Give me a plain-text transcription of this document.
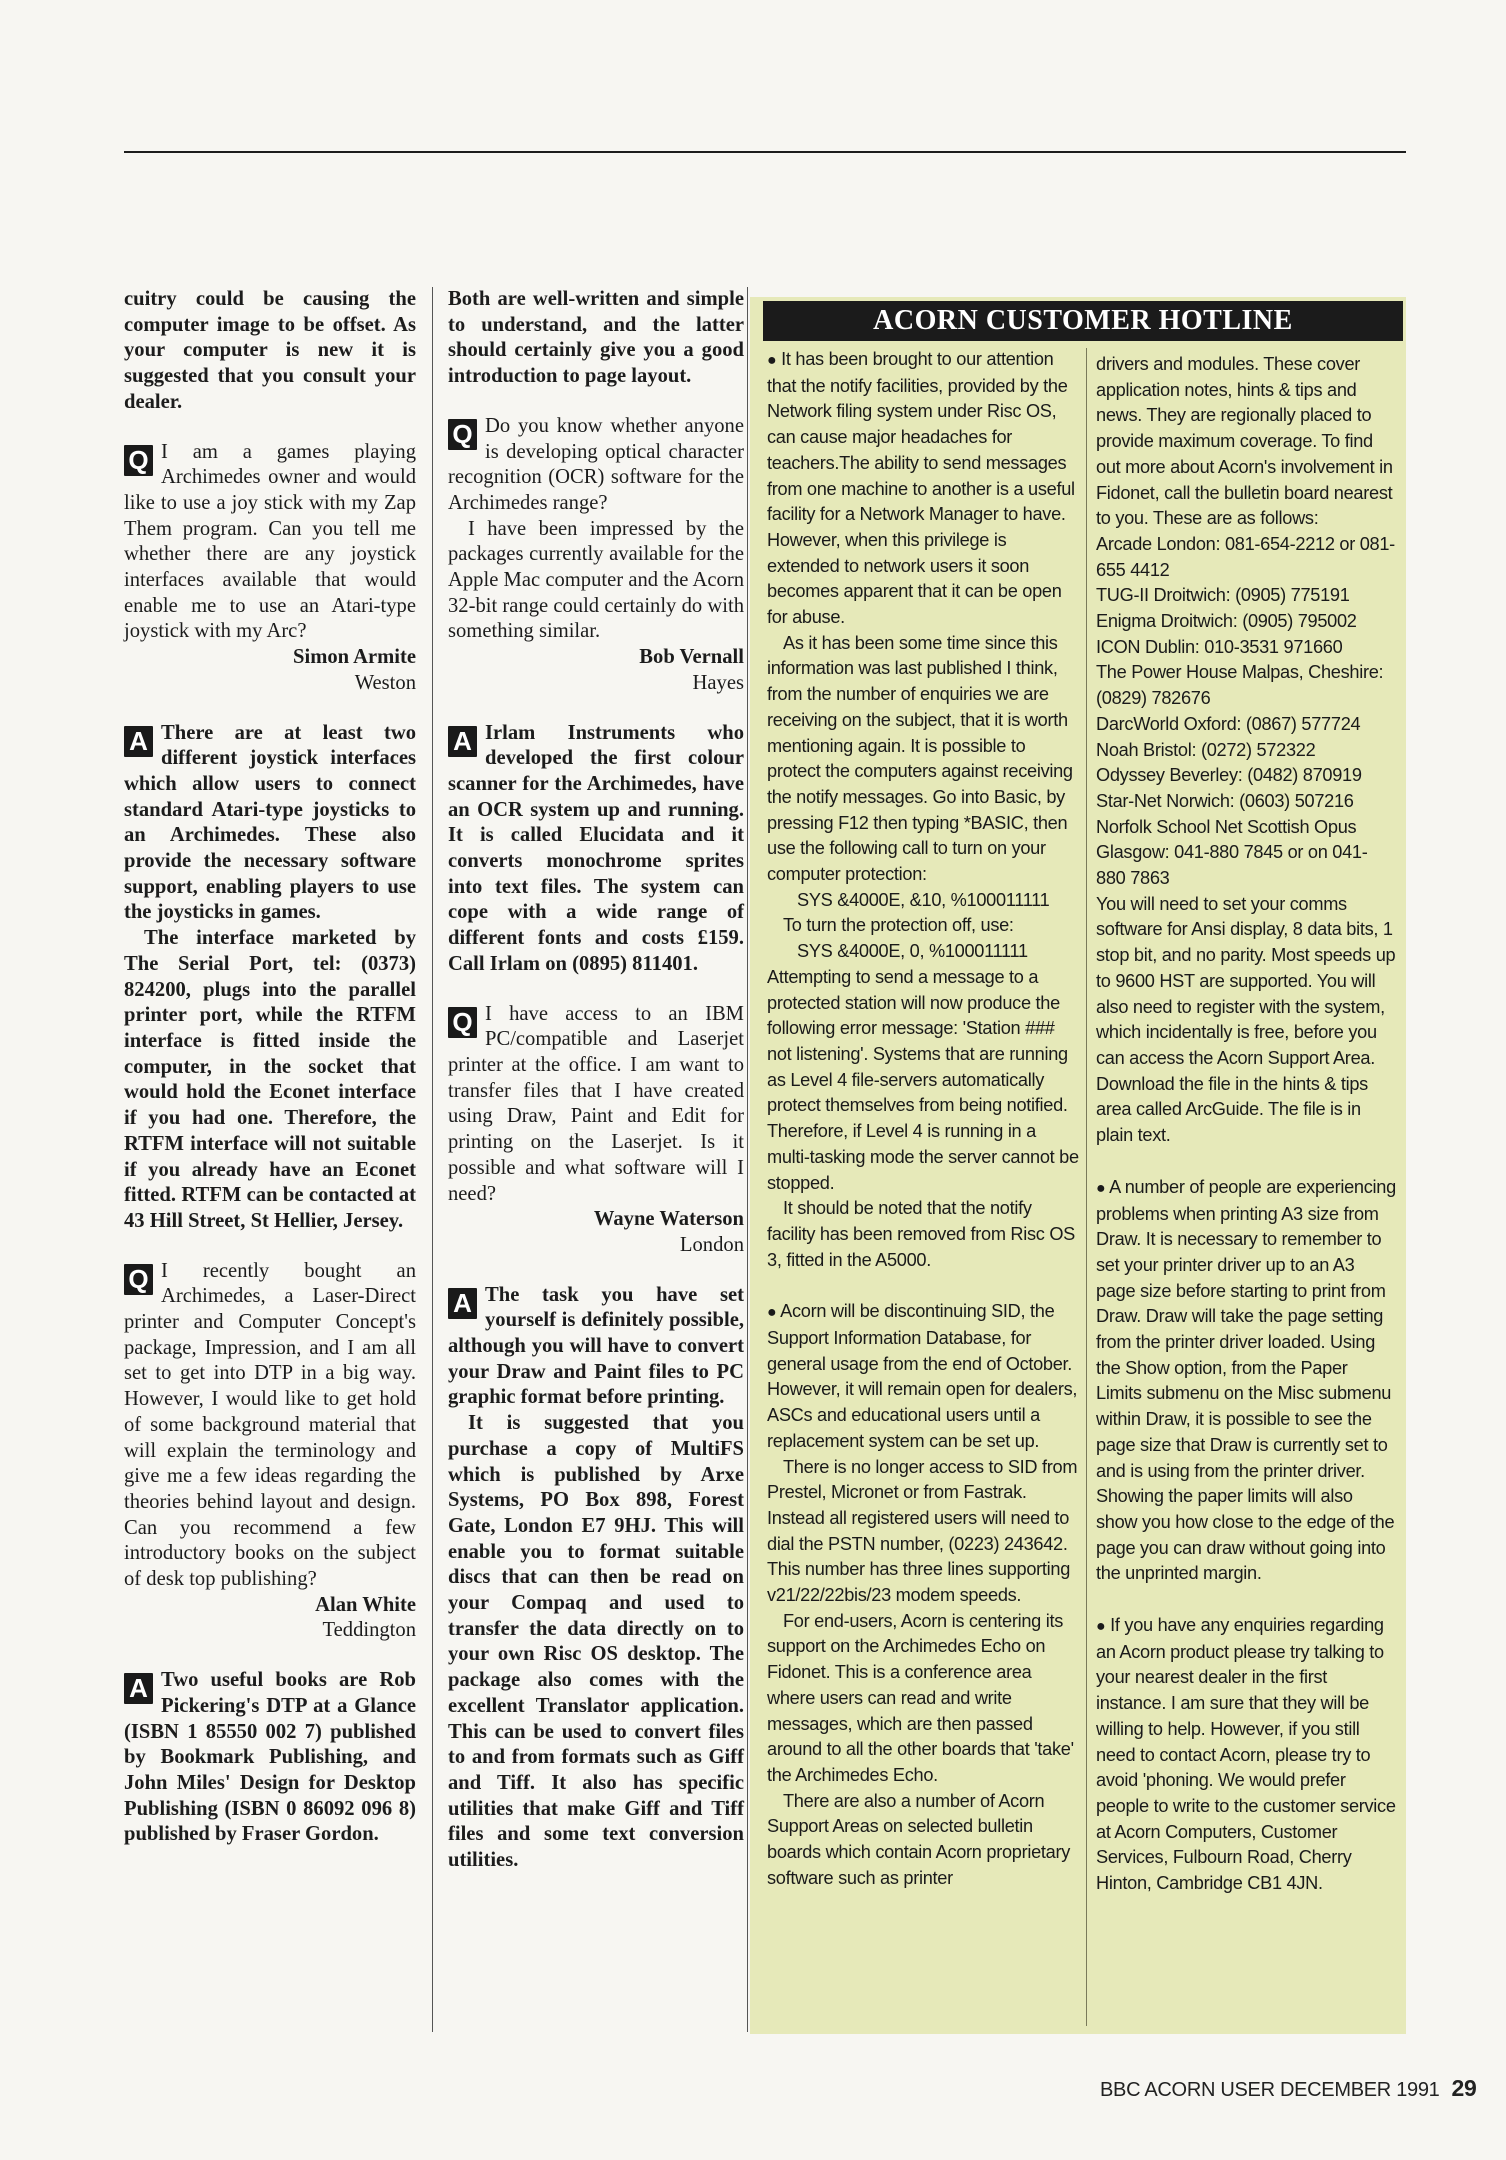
cuitry could be causing the computer image to be offset. As your computer is new it is suggested that you consult your dealer.

Q I am a games playing Archimedes owner and would like to use a joy stick with my Zap Them program. Can you tell me whether there are any joystick interfaces available that would enable me to use an Atari-type joystick with my Arc?

Simon Armite

Weston

A There are at least two different joystick interfaces which allow users to connect standard Atari-type joysticks to an Archimedes. These also provide the necessary software support, enabling players to use the joysticks in games.

The interface marketed by The Serial Port, tel: (0373) 824200, plugs into the parallel printer port, while the RTFM interface is fitted inside the computer, in the socket that would hold the Econet interface if you had one. Therefore, the RTFM interface will not suitable if you already have an Econet fitted. RTFM can be contacted at 43 Hill Street, St Hellier, Jersey.

Q I recently bought an Archimedes, a Laser-Direct printer and Computer Concept's package, Impression, and I am all set to get into DTP in a big way. However, I would like to get hold of some background material that will explain the terminology and give me a few ideas regarding the theories behind layout and design. Can you recommend a few introductory books on the subject of desk top publishing?

Alan White

Teddington

A Two useful books are Rob Pickering's DTP at a Glance (ISBN 1 85550 002 7) published by Bookmark Publishing, and John Miles' Design for Desktop Publishing (ISBN 0 86092 096 8) published by Fraser Gordon.

Both are well-written and simple to understand, and the latter should certainly give you a good introduction to page layout.

Q Do you know whether anyone is developing optical character recognition (OCR) software for the Archimedes range?

I have been impressed by the packages currently available for the Apple Mac computer and the Acorn 32-bit range could certainly do with something similar.

Bob Vernall

Hayes

A Irlam Instruments who developed the first colour scanner for the Archimedes, have an OCR system up and running. It is called Elucidata and it converts monochrome sprites into text files. The system can cope with a wide range of different fonts and costs £159. Call Irlam on (0895) 811401.

Q I have access to an IBM PC/compatible and Laserjet printer at the office. I am want to transfer files that I have created using Draw, Paint and Edit for printing on the Laserjet. Is it possible and what software will I need?

Wayne Waterson

London

A The task you have set yourself is definitely possible, although you will have to convert your Draw and Paint files to PC graphic format before printing.

It is suggested that you purchase a copy of MultiFS which is published by Arxe Systems, PO Box 898, Forest Gate, London E7 9HJ. This will enable you to format suitable discs that can then be read on your Compaq and used to transfer the data directly on to your own Risc OS desktop. The package also comes with the excellent Translator application. This can be used to convert files to and from formats such as Giff and Tiff. It also has specific utilities that make Giff and Tiff files and some text conversion utilities.

ACORN CUSTOMER HOTLINE

● It has been brought to our attention that the notify facilities, provided by the Network filing system under Risc OS, can cause major headaches for teachers.The ability to send messages from one machine to another is a useful facility for a Network Manager to have. However, when this privilege is extended to network users it soon becomes apparent that it can be open for abuse.

As it has been some time since this information was last published I think, from the number of enquiries we are receiving on the subject, that it is worth mentioning again. It is possible to protect the computers against receiving the notify messages. Go into Basic, by pressing F12 then typing *BASIC, then use the following call to turn on your computer protection:

SYS &4000E, &10, %100011111

To turn the protection off, use:

SYS &4000E, 0, %100011111

Attempting to send a message to a protected station will now produce the following error message: 'Station ### not listening'. Systems that are running as Level 4 file-servers automatically protect themselves from being notified. Therefore, if Level 4 is running in a multi-tasking mode the server cannot be stopped.

It should be noted that the notify facility has been removed from Risc OS 3, fitted in the A5000.

● Acorn will be discontinuing SID, the Support Information Database, for general usage from the end of October. However, it will remain open for dealers, ASCs and educational users until a replacement system can be set up.

There is no longer access to SID from Prestel, Micronet or from Fastrak. Instead all registered users will need to dial the PSTN number, (0223) 243642. This number has three lines supporting v21/22/22bis/23 modem speeds.

For end-users, Acorn is centering its support on the Archimedes Echo on Fidonet. This is a conference area where users can read and write messages, which are then passed around to all the other boards that 'take' the Archimedes Echo.

There are also a number of Acorn Support Areas on selected bulletin boards which contain Acorn proprietary software such as printer

drivers and modules. These cover application notes, hints & tips and news. They are regionally placed to provide maximum coverage. To find out more about Acorn's involvement in Fidonet, call the bulletin board nearest to you. These are as follows:

Arcade London: 081-654-2212 or 081-655 4412

TUG-II Droitwich: (0905) 775191

Enigma Droitwich: (0905) 795002

ICON Dublin: 010-3531 971660

The Power House Malpas, Cheshire: (0829) 782676

DarcWorld Oxford: (0867) 577724

Noah Bristol: (0272) 572322

Odyssey Beverley: (0482) 870919

Star-Net Norwich: (0603) 507216

Norfolk School Net Scottish Opus Glasgow: 041-880 7845 or on 041-880 7863

You will need to set your comms software for Ansi display, 8 data bits, 1 stop bit, and no parity. Most speeds up to 9600 HST are supported. You will also need to register with the system, which incidentally is free, before you can access the Acorn Support Area. Download the file in the hints & tips area called ArcGuide. The file is in plain text.

● A number of people are experiencing problems when printing A3 size from Draw. It is necessary to remember to set your printer driver up to an A3 page size before starting to print from Draw. Draw will take the page setting from the printer driver loaded. Using the Show option, from the Paper Limits submenu on the Misc submenu within Draw, it is possible to see the page size that Draw is currently set to and is using from the printer driver. Showing the paper limits will also show you how close to the edge of the page you can draw without going into the unprinted margin.

● If you have any enquiries regarding an Acorn product please try talking to your nearest dealer in the first instance. I am sure that they will be willing to help. However, if you still need to contact Acorn, please try to avoid 'phoning. We would prefer people to write to the customer service at Acorn Computers, Customer Services, Fulbourn Road, Cherry Hinton, Cambridge CB1 4JN.

BBC ACORN USER DECEMBER 1991 29
